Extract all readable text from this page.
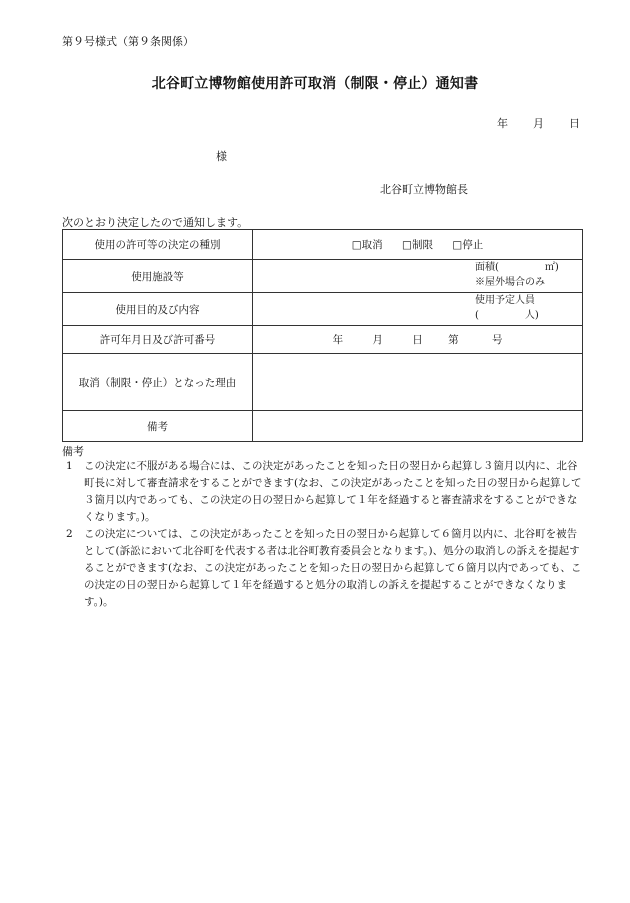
第９号様式（第９条関係）
北谷町立博物館使用許可取消（制限・停止）通知書
年 月 日
様
北谷町立博物館長
次のとおり決定したので通知します。
使用の許可等の決定の種別	□取消 □制限 □停止
使用施設等	面積( ㎡)
※屋外場合のみ

使用目的及び内容	使用予定人員
( 人)

許可年月日及び許可番号	年 月 日 第 号
取消（制限・停止）となった理由	
備考	
備考
1 この決定に不服がある場合には、この決定があったことを知った日の翌日から起算し３箇月以内に、北谷町長に対して審査請求をすることができます(なお、この決定があったことを知った日の翌日から起算して３箇月以内であっても、この決定の日の翌日から起算して１年を経過すると審査請求をすることができなくなります。)。
2 この決定については、この決定があったことを知った日の翌日から起算して６箇月以内に、北谷町を被告として(訴訟において北谷町を代表する者は北谷町教育委員会となります。)、処分の取消しの訴えを提起することができます(なお、この決定があったことを知った日の翌日から起算して６箇月以内であっても、この決定の日の翌日から起算して１年を経過すると処分の取消しの訴えを提起することができなくなります。)。
